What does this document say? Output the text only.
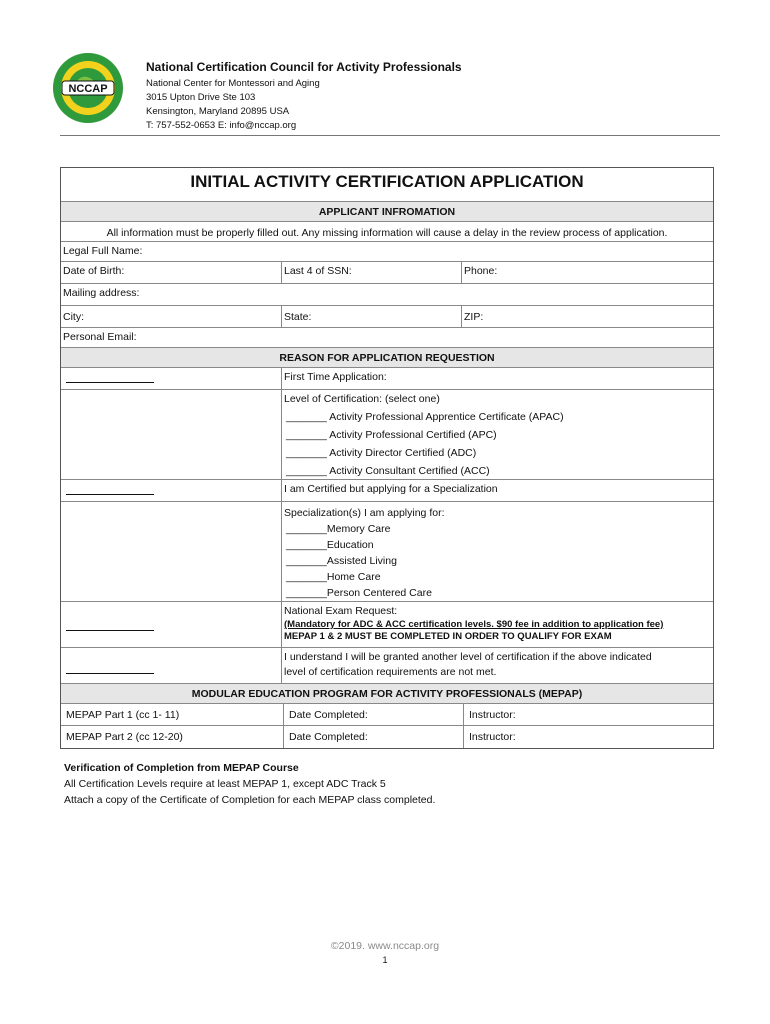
NCCAP
National Certification Council for Activity Professionals
National Center for Montessori and Aging
3015 Upton Drive Ste 103
Kensington, Maryland 20895 USA
T: 757-552-0653 E: info@nccap.org
INITIAL ACTIVITY CERTIFICATION APPLICATION
APPLICANT INFROMATION
All information must be properly filled out. Any missing information will cause a delay in the review process of application.
Legal Full Name:
Date of Birth:	Last 4 of SSN:	Phone:
Mailing address:
City:	State:	ZIP:
Personal Email:
REASON FOR APPLICATION REQUESTION
First Time Application:
Level of Certification: (select one)
_______ Activity Professional Apprentice Certificate (APAC)
_______ Activity Professional Certified (APC)
_______ Activity Director Certified (ADC)
_______ Activity Consultant Certified (ACC)
I am Certified but applying for a Specialization
Specialization(s) I am applying for:
_______Memory Care
_______Education
_______Assisted Living
_______Home Care
_______Person Centered Care
National Exam Request:
(Mandatory for ADC & ACC certification levels. $90 fee in addition to application fee)
MEPAP 1 & 2 MUST BE COMPLETED IN ORDER TO QUALIFY FOR EXAM
I understand I will be granted another level of certification if the above indicated
level of certification requirements are not met.
MODULAR EDUCATION PROGRAM FOR ACTIVITY PROFESSIONALS (MEPAP)
MEPAP Part 1 (cc 1- 11)	Date Completed:	Instructor:
MEPAP Part 2 (cc 12-20)	Date Completed:	Instructor:
Verification of Completion from MEPAP Course
All Certification Levels require at least MEPAP 1, except ADC Track 5
Attach a copy of the Certificate of Completion for each MEPAP class completed.
©2019. www.nccap.org
1
